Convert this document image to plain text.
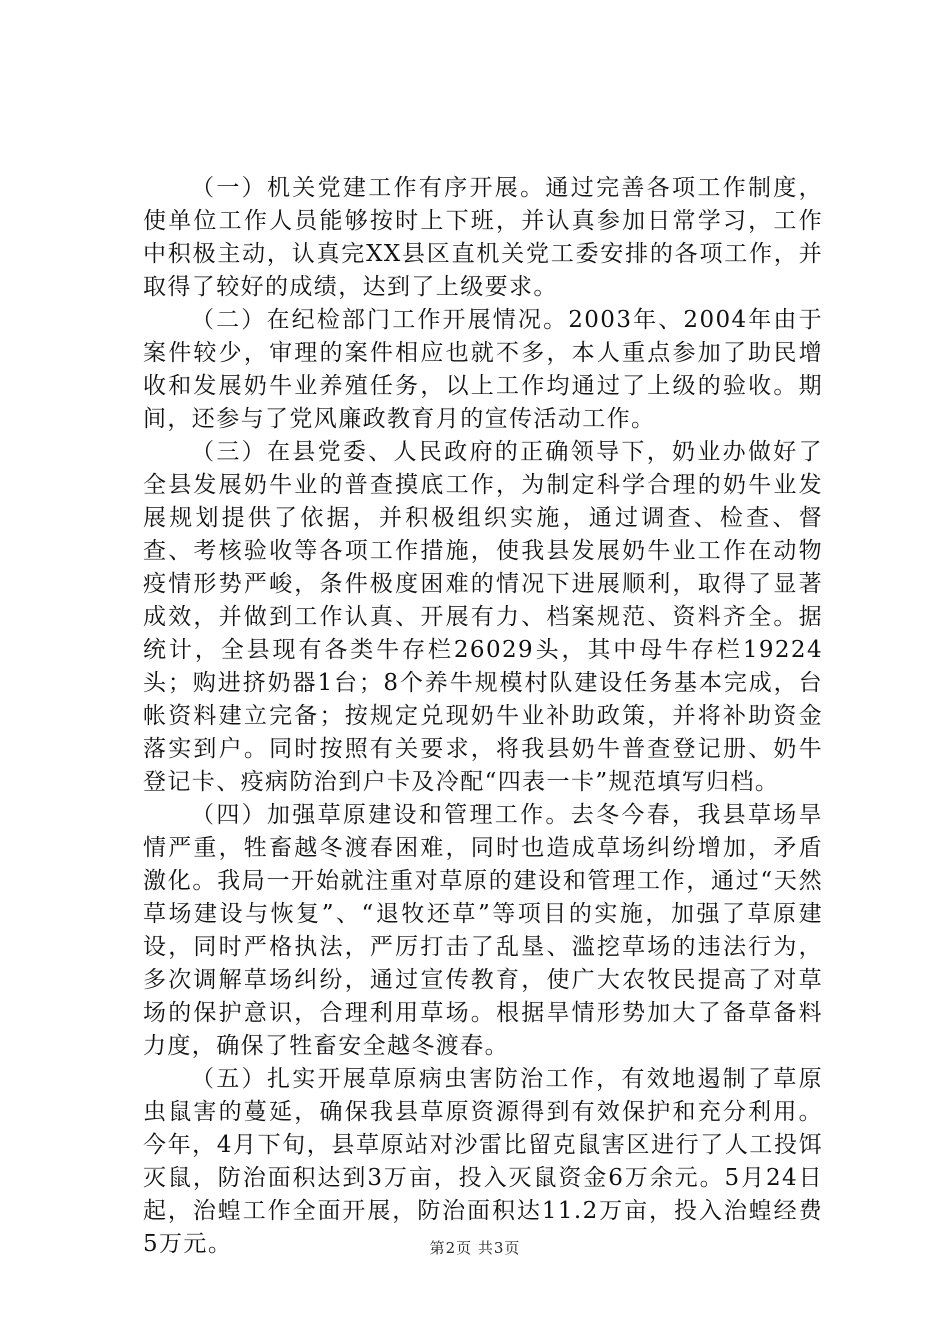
（一）机关党建工作有序开展。通过完善各项工作制度，使单位工作人员能够按时上下班，并认真参加日常学习，工作中积极主动，认真完XX县区直机关党工委安排的各项工作，并取得了较好的成绩，达到了上级要求。

（二）在纪检部门工作开展情况。2003年、2004年由于案件较少，审理的案件相应也就不多，本人重点参加了助民增收和发展奶牛业养殖任务，以上工作均通过了上级的验收。期间，还参与了党风廉政教育月的宣传活动工作。

（三）在县党委、人民政府的正确领导下，奶业办做好了全县发展奶牛业的普查摸底工作，为制定科学合理的奶牛业发展规划提供了依据，并积极组织实施，通过调查、检查、督查、考核验收等各项工作措施，使我县发展奶牛业工作在动物疫情形势严峻，条件极度困难的情况下进展顺利，取得了显著成效，并做到工作认真、开展有力、档案规范、资料齐全。据统计，全县现有各类牛存栏26029头，其中母牛存栏19224头；购进挤奶器1台；8个养牛规模村队建设任务基本完成，台帐资料建立完备；按规定兑现奶牛业补助政策，并将补助资金落实到户。同时按照有关要求，将我县奶牛普查登记册、奶牛登记卡、疫病防治到户卡及冷配“四表一卡”规范填写归档。

（四）加强草原建设和管理工作。去冬今春，我县草场旱情严重，牲畜越冬渡春困难，同时也造成草场纠纷增加，矛盾激化。我局一开始就注重对草原的建设和管理工作，通过“天然草场建设与恢复”、“退牧还草”等项目的实施，加强了草原建设，同时严格执法，严厉打击了乱垦、滥挖草场的违法行为，多次调解草场纠纷，通过宣传教育，使广大农牧民提高了对草场的保护意识，合理利用草场。根据旱情形势加大了备草备料力度，确保了牲畜安全越冬渡春。

（五）扎实开展草原病虫害防治工作，有效地遏制了草原虫鼠害的蔓延，确保我县草原资源得到有效保护和充分利用。今年，4月下旬，县草原站对沙雷比留克鼠害区进行了人工投饵灭鼠，防治面积达到3万亩，投入灭鼠资金6万余元。5月24日起，治蝗工作全面开展，防治面积达11.2万亩，投入治蝗经费5万元。	第2页 共3页
